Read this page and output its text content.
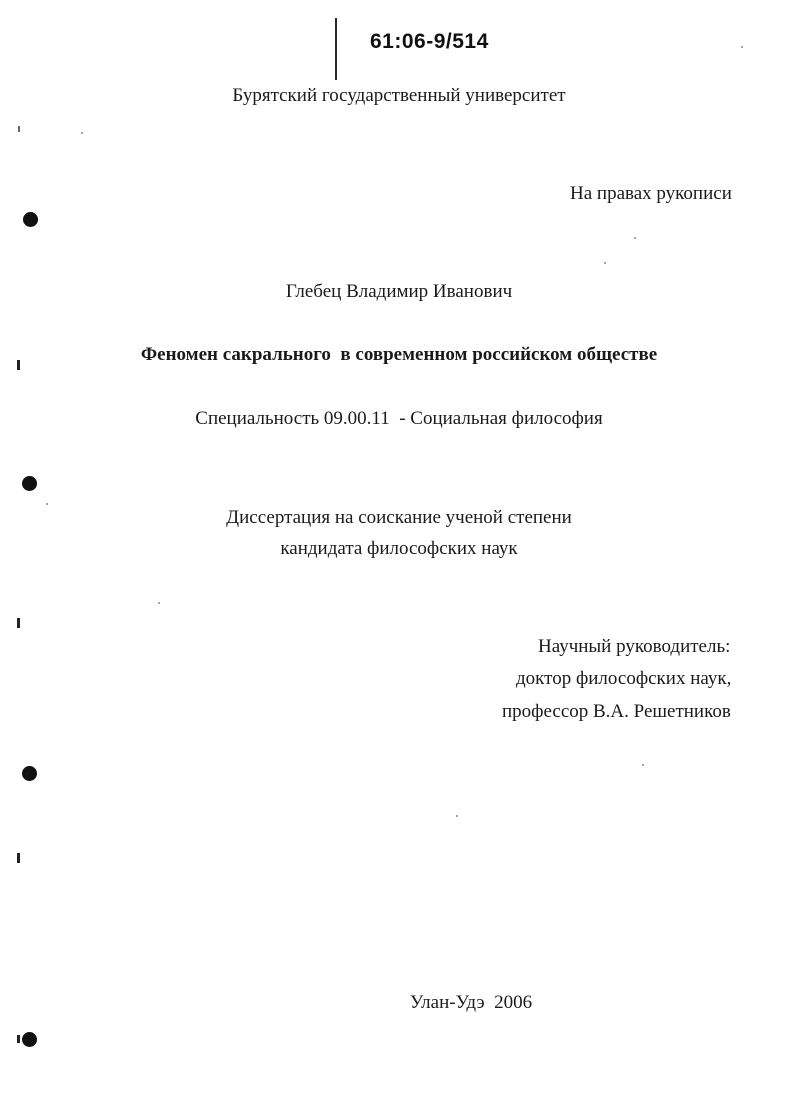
61:06-9/514
Бурятский государственный университет
На правах рукописи
Глебец Владимир Иванович
Феномен сакрального  в современном российском обществе
Специальность 09.00.11  - Социальная философия
Диссертация на соискание ученой степени
кандидата философских наук
Научный руководитель:
доктор философских наук,
профессор В.А. Решетников
Улан-Удэ  2006
